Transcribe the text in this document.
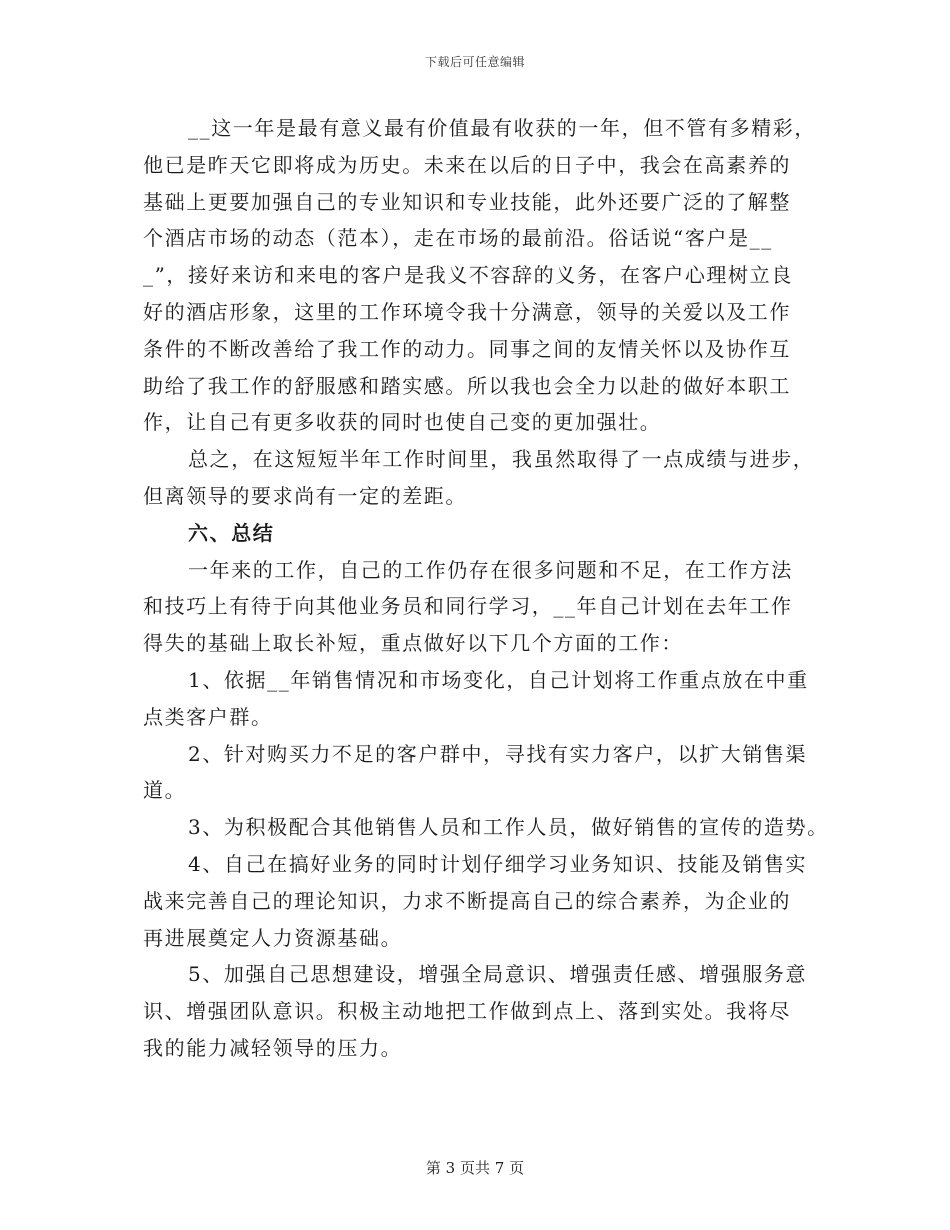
下载后可任意编辑
__这一年是最有意义最有价值最有收获的一年，但不管有多精彩，
他已是昨天它即将成为历史。未来在以后的日子中，我会在高素养的
基础上更要加强自己的专业知识和专业技能，此外还要广泛的了解整
个酒店市场的动态（范本），走在市场的最前沿。俗话说“客户是__
_”，接好来访和来电的客户是我义不容辞的义务，在客户心理树立良
好的酒店形象，这里的工作环境令我十分满意，领导的关爱以及工作
条件的不断改善给了我工作的动力。同事之间的友情关怀以及协作互
助给了我工作的舒服感和踏实感。所以我也会全力以赴的做好本职工
作，让自己有更多收获的同时也使自己变的更加强壮。
总之，在这短短半年工作时间里，我虽然取得了一点成绩与进步，
但离领导的要求尚有一定的差距。
六、总结
一年来的工作，自己的工作仍存在很多问题和不足，在工作方法
和技巧上有待于向其他业务员和同行学习，__年自己计划在去年工作
得失的基础上取长补短，重点做好以下几个方面的工作：
1、依据__年销售情况和市场变化，自己计划将工作重点放在中重
点类客户群。
2、针对购买力不足的客户群中，寻找有实力客户，以扩大销售渠
道。
3、为积极配合其他销售人员和工作人员，做好销售的宣传的造势。
4、自己在搞好业务的同时计划仔细学习业务知识、技能及销售实
战来完善自己的理论知识，力求不断提高自己的综合素养，为企业的
再进展奠定人力资源基础。
5、加强自己思想建设，增强全局意识、增强责任感、增强服务意
识、增强团队意识。积极主动地把工作做到点上、落到实处。我将尽
我的能力减轻领导的压力。
第 3 页共 7 页
